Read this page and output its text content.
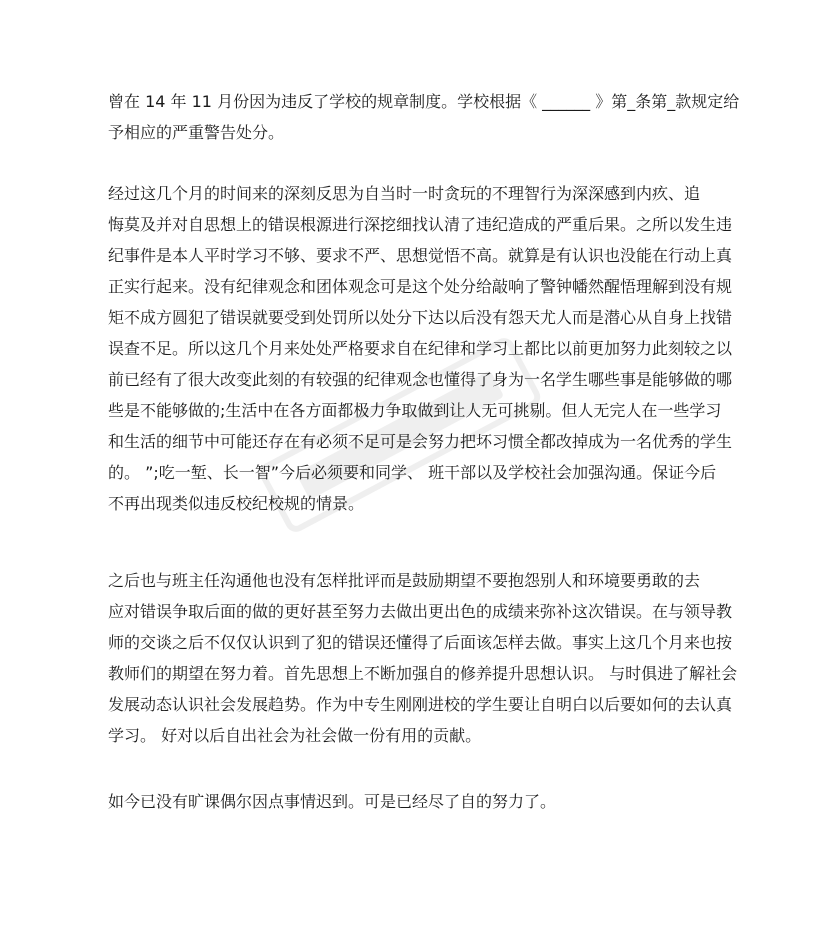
曾在 14 年 11 月份因为违反了学校的规章制度。学校根据《 ______ 》第_条第_款规定给
予相应的严重警告处分。
经过这几个月的时间来的深刻反思为自当时一时贪玩的不理智行为深深感到内疚、追
悔莫及并对自思想上的错误根源进行深挖细找认清了违纪造成的严重后果。之所以发生违
纪事件是本人平时学习不够、要求不严、思想觉悟不高。就算是有认识也没能在行动上真
正实行起来。没有纪律观念和团体观念可是这个处分给敲响了警钟幡然醒悟理解到没有规
矩不成方圆犯了错误就要受到处罚所以处分下达以后没有怨天尤人而是潜心从自身上找错
误查不足。所以这几个月来处处严格要求自在纪律和学习上都比以前更加努力此刻较之以
前已经有了很大改变此刻的有较强的纪律观念也懂得了身为一名学生哪些事是能够做的哪
些是不能够做的;生活中在各方面都极力争取做到让人无可挑剔。但人无完人在一些学习
和生活的细节中可能还存在有必须不足可是会努力把坏习惯全都改掉成为一名优秀的学生
的。 ”;吃一堑、长一智”今后必须要和同学、 班干部以及学校社会加强沟通。保证今后
不再出现类似违反校纪校规的情景。
之后也与班主任沟通他也没有怎样批评而是鼓励期望不要抱怨别人和环境要勇敢的去
应对错误争取后面的做的更好甚至努力去做出更出色的成绩来弥补这次错误。在与领导教
师的交谈之后不仅仅认识到了犯的错误还懂得了后面该怎样去做。事实上这几个月来也按
教师们的期望在努力着。首先思想上不断加强自的修养提升思想认识。 与时俱进了解社会
发展动态认识社会发展趋势。作为中专生刚刚进校的学生要让自明白以后要如何的去认真
学习。 好对以后自出社会为社会做一份有用的贡献。
如今已没有旷课偶尔因点事情迟到。可是已经尽了自的努力了。
